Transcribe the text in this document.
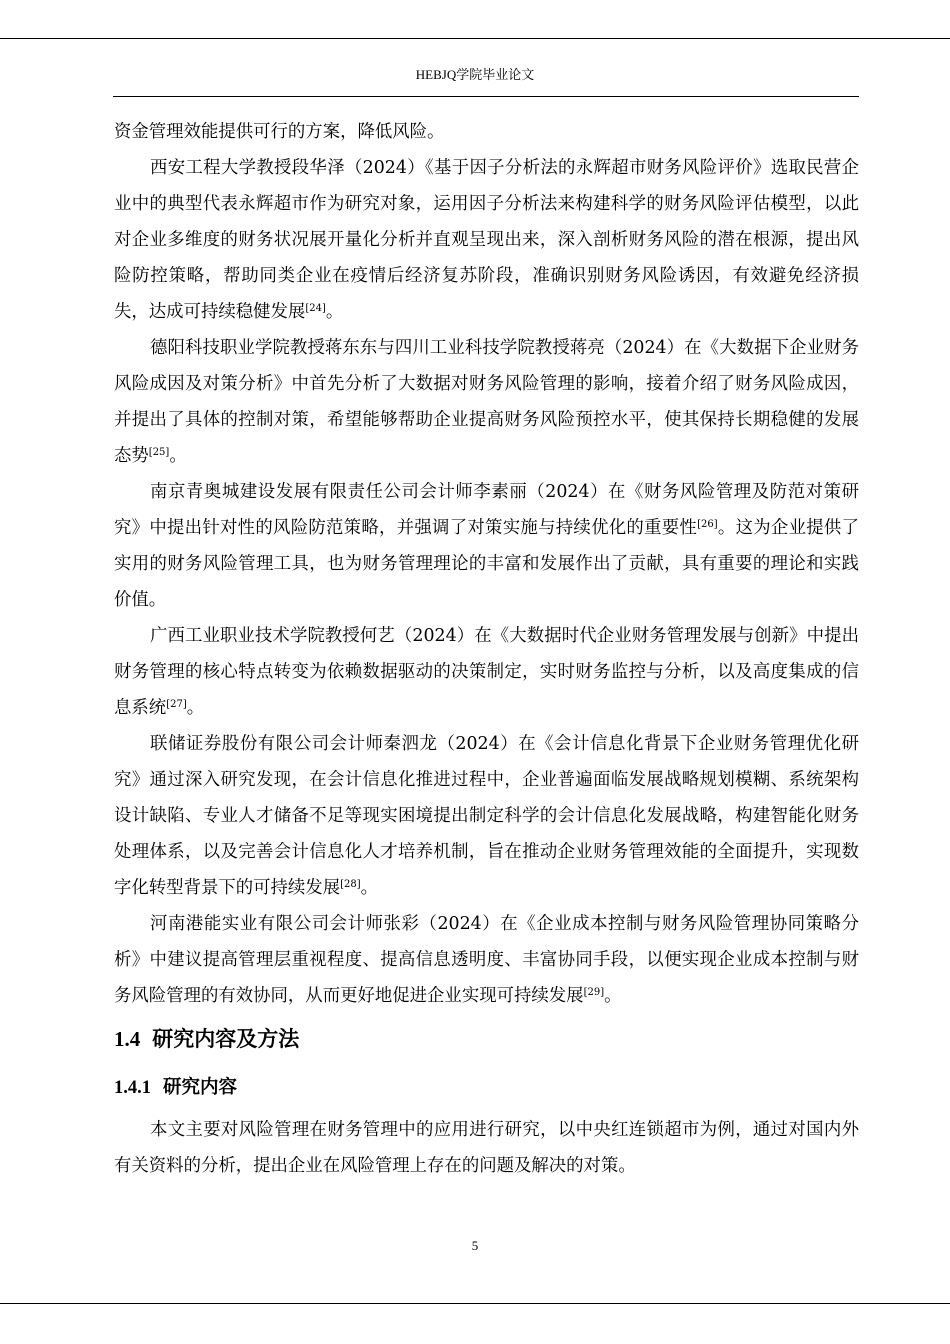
HEBJQ学院毕业论文

资金管理效能提供可行的方案，降低风险。

西安工程大学教授段华泽（2024）《基于因子分析法的永辉超市财务风险评价》选取民营企业中的典型代表永辉超市作为研究对象，运用因子分析法来构建科学的财务风险评估模型，以此对企业多维度的财务状况展开量化分析并直观呈现出来，深入剖析财务风险的潜在根源，提出风险防控策略，帮助同类企业在疫情后经济复苏阶段，准确识别财务风险诱因，有效避免经济损失，达成可持续稳健发展[24]。

德阳科技职业学院教授蒋东东与四川工业科技学院教授蒋亮（2024）在《大数据下企业财务风险成因及对策分析》中首先分析了大数据对财务风险管理的影响，接着介绍了财务风险成因，并提出了具体的控制对策，希望能够帮助企业提高财务风险预控水平，使其保持长期稳健的发展态势[25]。

南京青奥城建设发展有限责任公司会计师李素丽（2024）在《财务风险管理及防范对策研究》中提出针对性的风险防范策略，并强调了对策实施与持续优化的重要性[26]。这为企业提供了实用的财务风险管理工具，也为财务管理理论的丰富和发展作出了贡献，具有重要的理论和实践价值。

广西工业职业技术学院教授何艺（2024）在《大数据时代企业财务管理发展与创新》中提出财务管理的核心特点转变为依赖数据驱动的决策制定，实时财务监控与分析，以及高度集成的信息系统[27]。

联储证券股份有限公司会计师秦泗龙（2024）在《会计信息化背景下企业财务管理优化研究》通过深入研究发现，在会计信息化推进过程中，企业普遍面临发展战略规划模糊、系统架构设计缺陷、专业人才储备不足等现实困境提出制定科学的会计信息化发展战略，构建智能化财务处理体系，以及完善会计信息化人才培养机制，旨在推动企业财务管理效能的全面提升，实现数字化转型背景下的可持续发展[28]。

河南港能实业有限公司会计师张彩（2024）在《企业成本控制与财务风险管理协同策略分析》中建议提高管理层重视程度、提高信息透明度、丰富协同手段，以便实现企业成本控制与财务风险管理的有效协同，从而更好地促进企业实现可持续发展[29]。

1.4 研究内容及方法
1.4.1 研究内容

本文主要对风险管理在财务管理中的应用进行研究，以中央红连锁超市为例，通过对国内外有关资料的分析，提出企业在风险管理上存在的问题及解决的对策。

5
